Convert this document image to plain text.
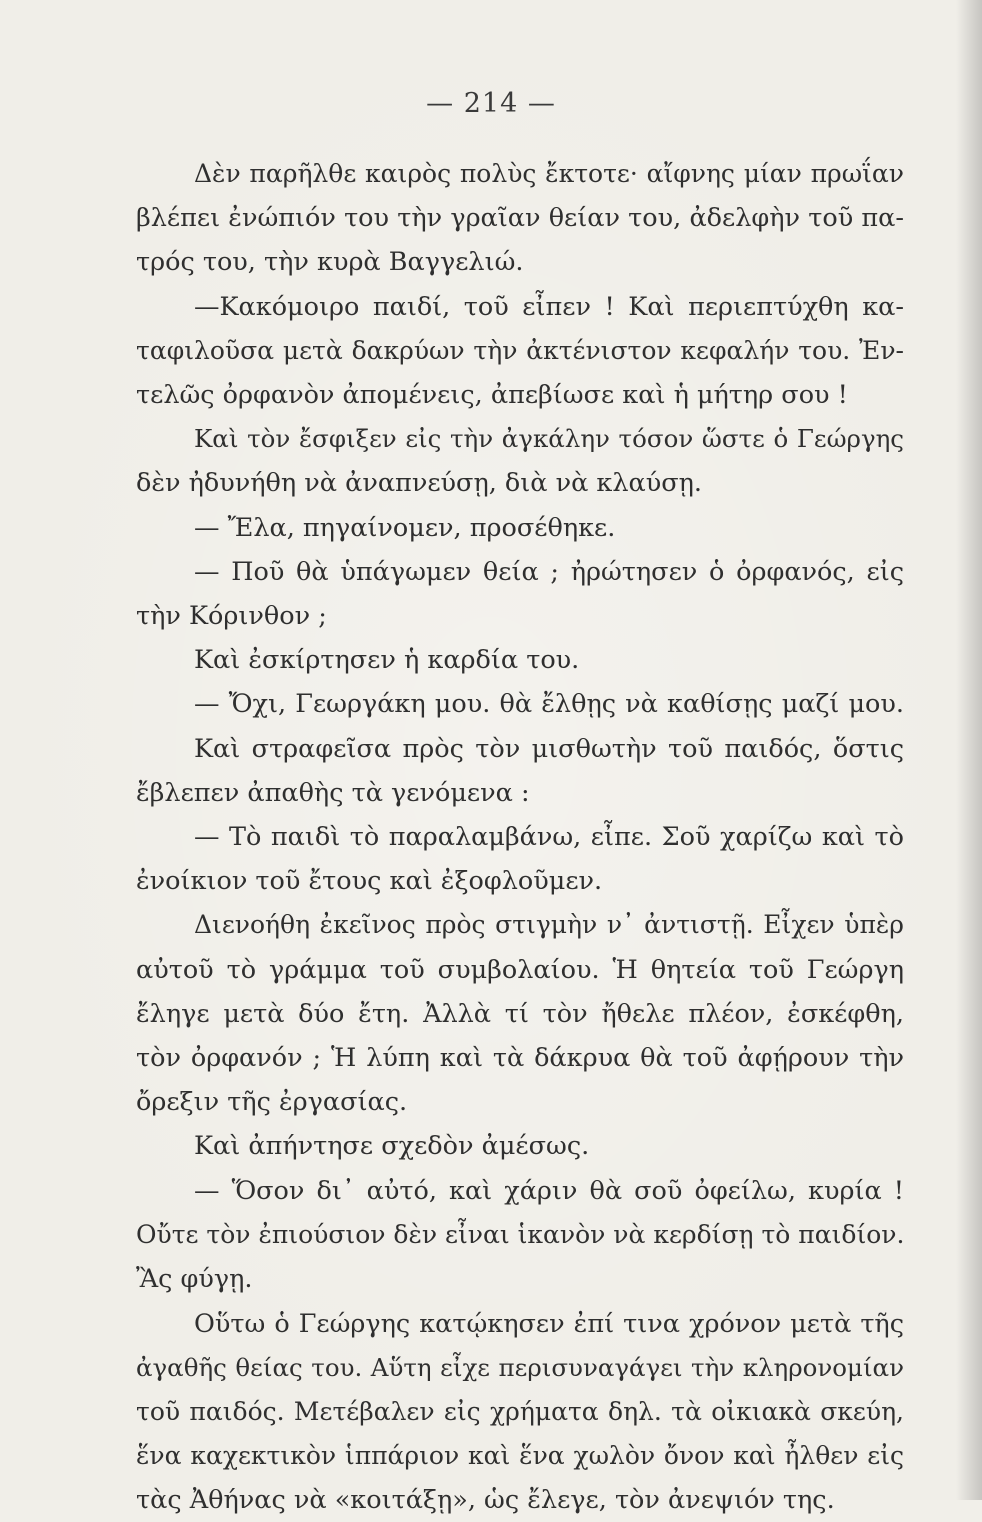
— 214 —
Δὲν παρῆλθε καιρὸς πολὺς ἔκτοτε· αἴφνης μίαν πρωΐαν
βλέπει ἐνώπιόν του τὴν γραῖαν θείαν του, ἀδελφὴν τοῦ πα-
τρός του, τὴν κυρὰ Βαγγελιώ.
—Κακόμοιρο παιδί, τοῦ εἶπεν ! Καὶ περιεπτύχθη κα-
ταφιλοῦσα μετὰ δακρύων τὴν ἀκτένιστον κεφαλήν του. Ἐν-
τελῶς ὀρφανὸν ἀπομένεις, ἀπεβίωσε καὶ ἡ μήτηρ σου !
Καὶ τὸν ἔσφιξεν εἰς τὴν ἀγκάλην τόσον ὥστε ὁ Γεώργης
δὲν ἠδυνήθη νὰ ἀναπνεύσῃ, διὰ νὰ κλαύσῃ.
— Ἔλα, πηγαίνομεν, προσέθηκε.
— Ποῦ θὰ ὑπάγωμεν θεία ; ἠρώτησεν ὁ ὀρφανός, εἰς
τὴν Κόρινθον ;
Καὶ ἐσκίρτησεν ἡ καρδία του.
— Ὄχι, Γεωργάκη μου. θὰ ἔλθῃς νὰ καθίσῃς μαζί μου.
Καὶ στραφεῖσα πρὸς τὸν μισθωτὴν τοῦ παιδός, ὅστις
ἔβλεπεν ἀπαθὴς τὰ γενόμενα :
— Τὸ παιδὶ τὸ παραλαμβάνω, εἶπε. Σοῦ χαρίζω καὶ τὸ
ἐνοίκιον τοῦ ἔτους καὶ ἐξοφλοῦμεν.
Διενοήθη ἐκεῖνος πρὸς στιγμὴν ν᾽ ἀντιστῇ. Εἶχεν ὑπὲρ
αὐτοῦ τὸ γράμμα τοῦ συμβολαίου. Ἡ θητεία τοῦ Γεώργη
ἔληγε μετὰ δύο ἔτη. Ἀλλὰ τί τὸν ἤθελε πλέον, ἐσκέφθη,
τὸν ὀρφανόν ; Ἡ λύπη καὶ τὰ δάκρυα θὰ τοῦ ἀφῄρουν τὴν
ὄρεξιν τῆς ἐργασίας.
Καὶ ἀπήντησε σχεδὸν ἀμέσως.
— Ὅσον δι᾽ αὐτό, καὶ χάριν θὰ σοῦ ὀφείλω, κυρία !
Οὔτε τὸν ἐπιούσιον δὲν εἶναι ἱκανὸν νὰ κερδίσῃ τὸ παιδίον.
Ἂς φύγῃ.
Οὕτω ὁ Γεώργης κατῴκησεν ἐπί τινα χρόνον μετὰ τῆς
ἀγαθῆς θείας του. Αὕτη εἶχε περισυναγάγει τὴν κληρονομίαν
τοῦ παιδός. Μετέβαλεν εἰς χρήματα δηλ. τὰ οἰκιακὰ σκεύη,
ἕνα καχεκτικὸν ἱππάριον καὶ ἕνα χωλὸν ὄνον καὶ ἦλθεν εἰς
τὰς Ἀθήνας νὰ «κοιτάξῃ», ὡς ἔλεγε, τὸν ἀνεψιόν της.
